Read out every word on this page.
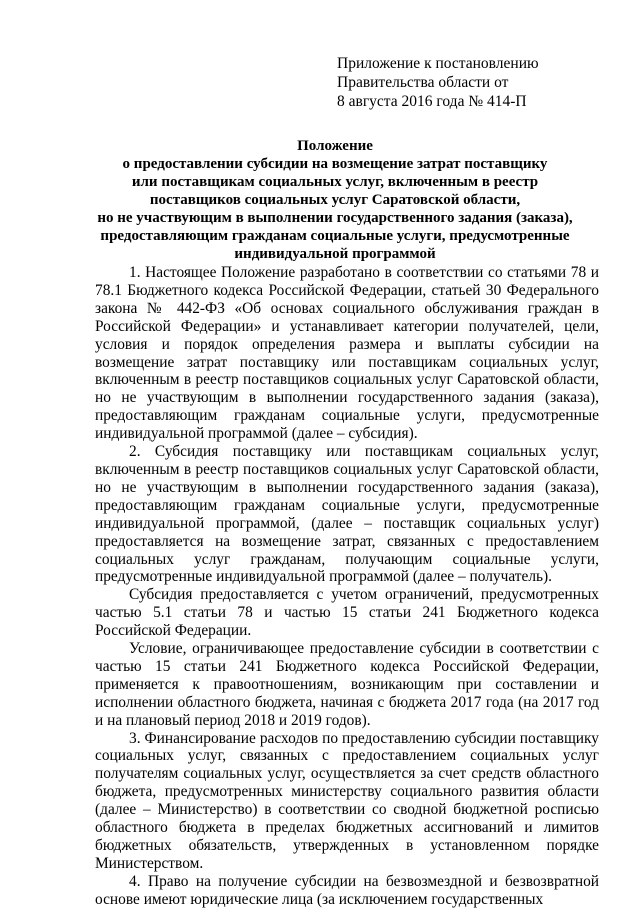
Приложение к постановлению
Правительства области от
8 августа 2016 года № 414-П
Положение
о предоставлении субсидии на возмещение затрат поставщику
или поставщикам социальных услуг, включенным в реестр
поставщиков социальных услуг Саратовской области,
но не участвующим в выполнении государственного задания (заказа),
предоставляющим гражданам социальные услуги, предусмотренные
индивидуальной программой

1. Настоящее Положение разработано в соответствии со статьями 78 и 78.1 Бюджетного кодекса Российской Федерации, статьей 30 Федерального закона № 442-ФЗ «Об основах социального обслуживания граждан в Российской Федерации» и устанавливает категории получателей, цели, условия и порядок определения размера и выплаты субсидии на возмещение затрат поставщику или поставщикам социальных услуг, включенным в реестр поставщиков социальных услуг Саратовской области, но не участвующим в выполнении государственного задания (заказа), предоставляющим гражданам социальные услуги, предусмотренные индивидуальной программой (далее – субсидия).

2. Субсидия поставщику или поставщикам социальных услуг, включенным в реестр поставщиков социальных услуг Саратовской области, но не участвующим в выполнении государственного задания (заказа), предоставляющим гражданам социальные услуги, предусмотренные индивидуальной программой, (далее – поставщик социальных услуг) предоставляется на возмещение затрат, связанных с предоставлением социальных услуг гражданам, получающим социальные услуги, предусмотренные индивидуальной программой (далее – получатель).

Субсидия предоставляется с учетом ограничений, предусмотренных частью 5.1 статьи 78 и частью 15 статьи 241 Бюджетного кодекса Российской Федерации.

Условие, ограничивающее предоставление субсидии в соответствии с частью 15 статьи 241 Бюджетного кодекса Российской Федерации, применяется к правоотношениям, возникающим при составлении и исполнении областного бюджета, начиная с бюджета 2017 года (на 2017 год и на плановый период 2018 и 2019 годов).

3. Финансирование расходов по предоставлению субсидии поставщику социальных услуг, связанных с предоставлением социальных услуг получателям социальных услуг, осуществляется за счет средств областного бюджета, предусмотренных министерству социального развития области (далее – Министерство) в соответствии со сводной бюджетной росписью областного бюджета в пределах бюджетных ассигнований и лимитов бюджетных обязательств, утвержденных в установленном порядке Министерством.

4. Право на получение субсидии на безвозмездной и безвозвратной основе имеют юридические лица (за исключением государственных
